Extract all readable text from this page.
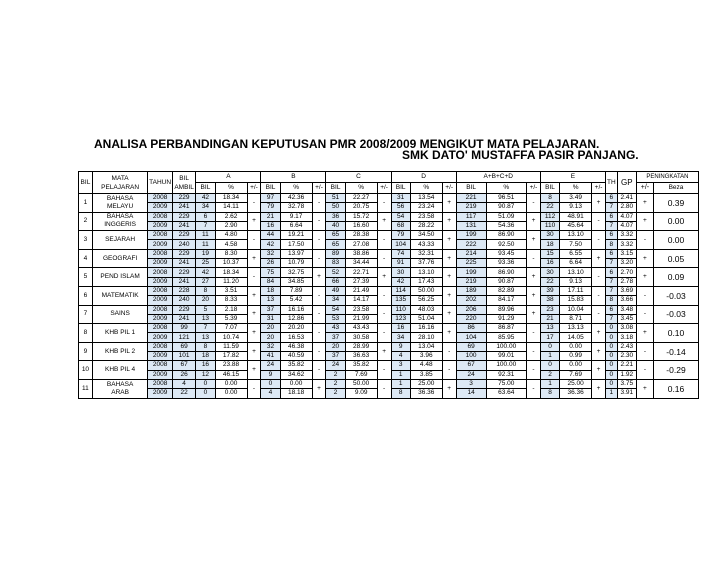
ANALISA PERBANDINGAN KEPUTUSAN PMR 2008/2009 MENGIKUT MATA PELAJARAN.
SMK DATO' MUSTAFFA PASIR PANJANG.
BIL	MATA PELAJARAN	TAHUN	BIL AMBIL	A			B			C			D			A+B+C+D			E			TH	GP	PENINGKATAN	
				BIL	%	+/-	BIL	%	+/-	BIL	%	+/-	BIL	%	+/-	BIL	%	+/-	BIL	%	+/-			+/-	Beza
1	BAHASA
MELAYU	2008	229	42	18.34	-	97	42.36	-	51	22.27	-	31	13.54	+	221	96.51	-	8	3.49	+	6	2.41	+	0.39
		2009	241	34	14.11		79	32.78		50	20.75		56	23.24		219	90.87		22	9.13		7	2.80		
2	BAHASA
INGGERIS	2008	229	6	2.62	+	21	9.17	-	36	15.72	+	54	23.58	+	117	51.09	+	112	48.91	-	6	4.07	+	0.00
		2009	241	7	2.90		16	6.64		40	16.60		68	28.22		131	54.36		110	45.64		7	4.07		
3	SEJARAH	2008	229	11	4.80	-	44	19.21	-	65	28.38	-	79	34.50	+	199	86.90	+	30	13.10	-	6	3.32	-	0.00
		2009	240	11	4.58		42	17.50		65	27.08		104	43.33		222	92.50		18	7.50		8	3.32		
4	GEOGRAFI	2008	229	19	8.30	+	32	13.97	-	89	38.86	-	74	32.31	+	214	93.45	-	15	6.55	+	6	3.15	+	0.05
		2009	241	25	10.37		26	10.79		83	34.44		91	37.76		225	93.36		16	6.64		7	3.20		
5	PEND ISLAM	2008	229	42	18.34	-	75	32.75	+	52	22.71	+	30	13.10	+	199	86.90	+	30	13.10	-	6	2.70	+	0.09
		2009	241	27	11.20		84	34.85		66	27.39		42	17.43		219	90.87		22	9.13		7	2.78		
6	MATEMATIK	2008	228	8	3.51	+	18	7.89	-	49	21.49	-	114	50.00	+	189	82.89	+	39	17.11	-	7	3.69	-	-0.03
		2009	240	20	8.33		13	5.42		34	14.17		135	56.25		202	84.17		38	15.83		8	3.66		
7	SAINS	2008	229	5	2.18	+	37	16.16	-	54	23.58	-	110	48.03	+	206	89.96	+	23	10.04	-	6	3.48	-	-0.03
		2009	241	13	5.39		31	12.86		53	21.99		123	51.04		220	91.29		21	8.71		7	3.45		
8	KHB PIL 1	2008	99	7	7.07	+	20	20.20	-	43	43.43	-	16	16.16	+	86	86.87	-	13	13.13	+	0	3.08	+	0.10
		2009	121	13	10.74		20	16.53		37	30.58		34	28.10		104	85.95		17	14.05		0	3.18		
9	KHB PIL 2	2008	69	8	11.59	+	32	46.38	-	20	28.99	+	9	13.04	-	69	100.00	-	0	0.00	+	0	2.43	-	-0.14
		2009	101	18	17.82		41	40.59		37	36.63		4	3.96		100	99.01		1	0.99		0	2.30		
10	KHB PIL 4	2008	67	16	23.88	+	24	35.82	-	24	35.82	-	3	4.48	-	67	100.00	-	0	0.00	+	0	2.21	-	-0.29
		2009	26	12	46.15		9	34.62		2	7.69		1	3.85		24	92.31		2	7.69		0	1.92		
11	BAHASA
ARAB	2008	4	0	0.00	-	0	0.00	+	2	50.00	-	1	25.00	+	3	75.00	-	1	25.00	+	0	3.75	+	0.16
		2009	22	0	0.00		4	18.18		2	9.09		8	36.36		14	63.64		8	36.36		1	3.91		
